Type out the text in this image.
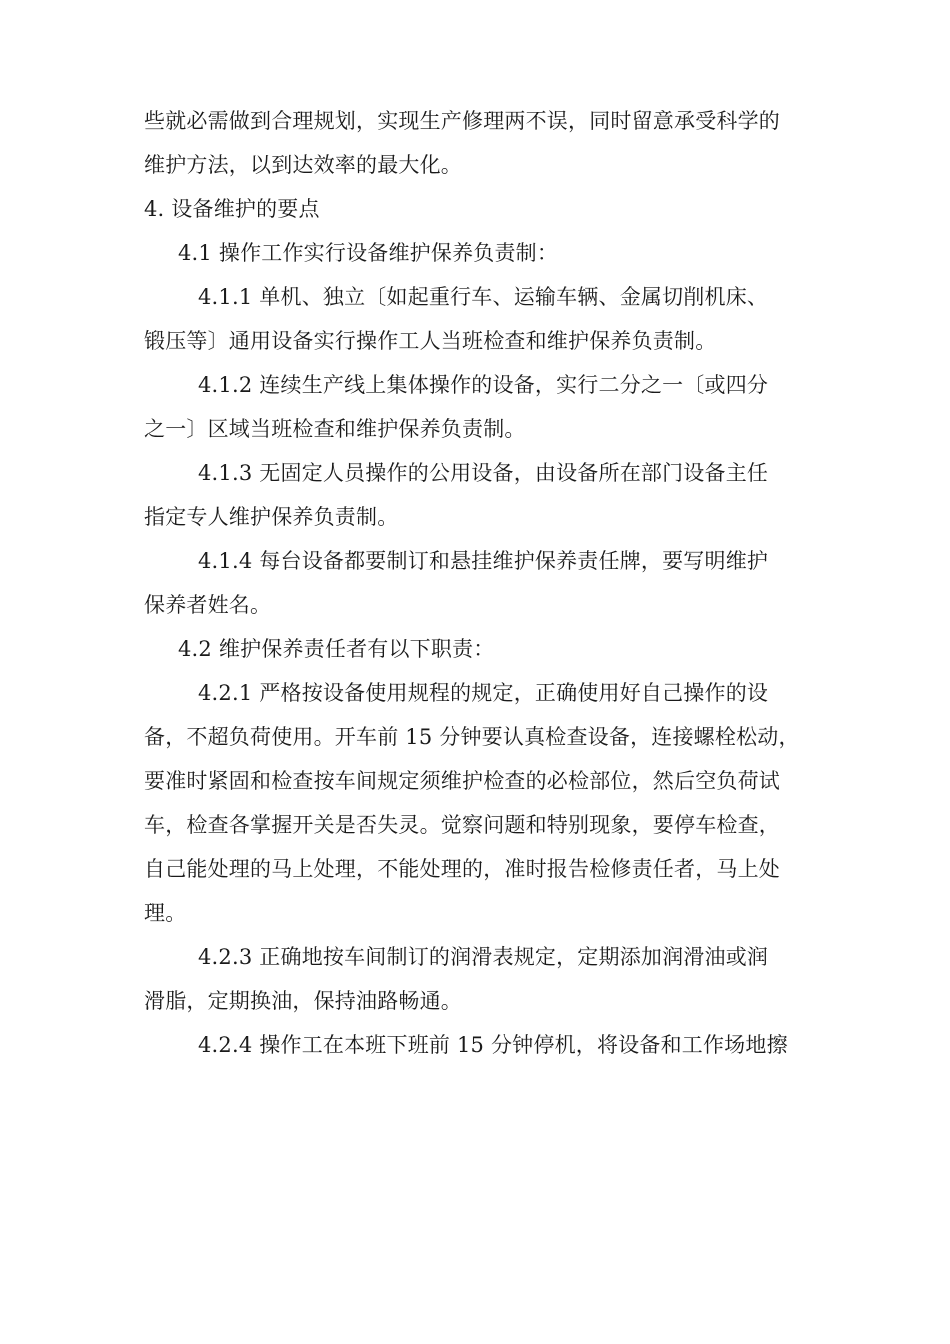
些就必需做到合理规划，实现生产修理两不误，同时留意承受科学的
维护方法，以到达效率的最大化。
4. 设备维护的要点
4.1 操作工作实行设备维护保养负责制：
4.1.1 单机、独立〔如起重行车、运输车辆、金属切削机床、
锻压等〕通用设备实行操作工人当班检查和维护保养负责制。
4.1.2 连续生产线上集体操作的设备，实行二分之一〔或四分
之一〕区域当班检查和维护保养负责制。
4.1.3 无固定人员操作的公用设备，由设备所在部门设备主任
指定专人维护保养负责制。
4.1.4 每台设备都要制订和悬挂维护保养责任牌，要写明维护
保养者姓名。
4.2 维护保养责任者有以下职责：
4.2.1 严格按设备使用规程的规定，正确使用好自己操作的设
备，不超负荷使用。开车前 15 分钟要认真检查设备，连接螺栓松动，
要准时紧固和检查按车间规定须维护检查的必检部位，然后空负荷试
车，检查各掌握开关是否失灵。觉察问题和特别现象，要停车检查，
自己能处理的马上处理，不能处理的，准时报告检修责任者，马上处
理。
4.2.3 正确地按车间制订的润滑表规定，定期添加润滑油或润
滑脂，定期换油，保持油路畅通。
4.2.4 操作工在本班下班前 15 分钟停机，将设备和工作场地擦
